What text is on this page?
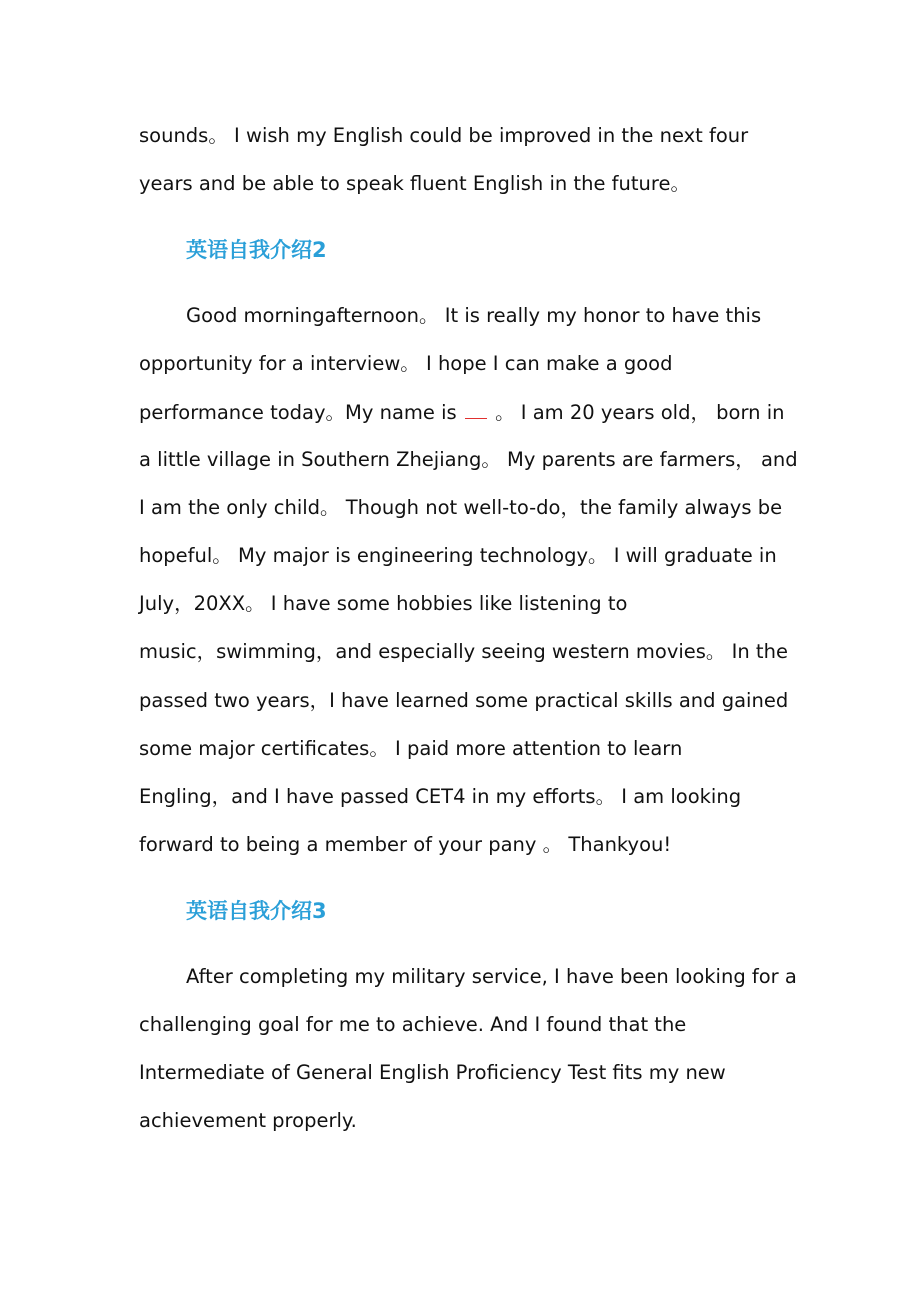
sounds。 I wish my English could be improved in the next four
years and be able to speak fluent English in the future。
英语自我介绍2
Good morningafternoon。 It is really my honor to have this
opportunity for a interview。 I hope I can make a good
performance today。My name is 。 I am 20 years old， born in
a little village in Southern Zhejiang。 My parents are farmers， and
I am the only child。 Though not well-to-do，the family always be
hopeful。 My major is engineering technology。 I will graduate in
July，20XX。 I have some hobbies like listening to
music，swimming，and especially seeing western movies。 In the
passed two years，I have learned some practical skills and gained
some major certificates。 I paid more attention to learn
Engling，and I have passed CET4 in my efforts。 I am looking
forward to being a member of your pany 。 Thankyou!
英语自我介绍3
After completing my military service, I have been looking for a
challenging goal for me to achieve. And I found that the
Intermediate of General English Proficiency Test fits my new
achievement properly.
